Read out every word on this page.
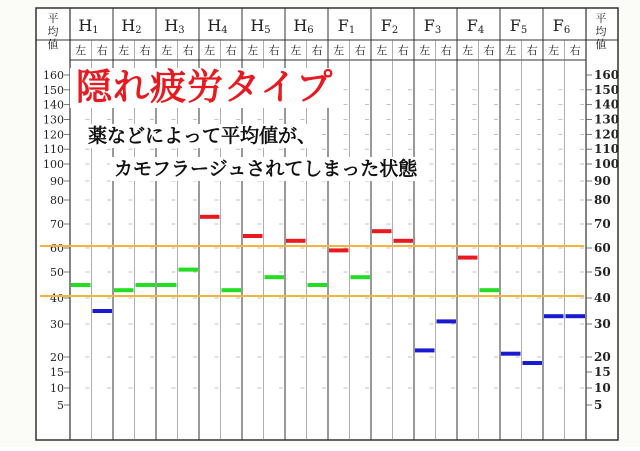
平
均
値
平
均
値
H1
左 右
H2
左 右
H3
左 右
H4
左 右
H5
左 右
H6
左 右
F1
左 右
F2
左 右
F3
左 右
F4
左 右
F5
左 右
F6
左 右
160	160
150	150
140	140
130	130
120	120
110	110
100	100
90	90
80	80
70	70
60	60
50	50
40	40
30	30
20	20
15	15
10	10
5	5
隠れ疲労タイプ
薬などによって平均値が、
カモフラージュされてしまった状態
